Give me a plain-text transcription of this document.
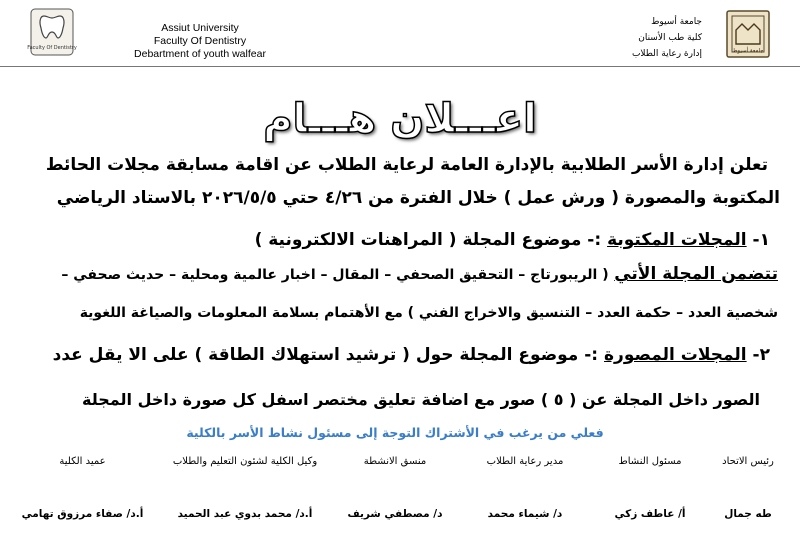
Faculty Of Dentistry
Assiut University
Faculty Of Dentistry
Debartment of youth walfear
جامعة أسيوط
كلية طب الأسنان
إدارة رعاية الطلاب	جامعة أسيوط
اعـــلان هـــام
تعلن إدارة الأسر الطلابية بالإدارة العامة لرعاية الطلاب عن اقامة مسابقة مجلات الحائط
المكتوبة والمصورة ( ورش عمل ) خلال الفترة من ٤/٢٦ حتي ٢٠٢٦/٥/٥ بالاستاد الرياضي
١- المجلات المكتوبة :- موضوع المجلة ( المراهنات الالكترونية )
تتضمن المجلة الأتي ( الريبورتاج – التحقيق الصحفي – المقال – اخبار عالمية ومحلية – حديث صحفي –
شخصية العدد – حكمة العدد – التنسيق والاخراج الفني ) مع الأهتمام بسلامة المعلومات والصياغة اللغوية
٢- المجلات المصورة :- موضوع المجلة حول ( ترشيد استهلاك الطاقة ) على الا يقل عدد
الصور داخل المجلة عن ( ٥ ) صور مع اضافة تعليق مختصر اسفل كل صورة داخل المجلة
فعلي من يرغب في الأشتراك التوجة إلى مسئول نشاط الأسر بالكلية
رئيس الاتحاد
طه جمال
مسئول النشاط
أ/ عاطف زكي
مدير رعاية الطلاب
د/ شيماء محمد
منسق الانشطة
د/ مصطفي شريف
وكيل الكلية لشئون التعليم والطلاب
أ.د/ محمد بدوي عبد الحميد
عميد الكلية
أ.د/ صفاء مرزوق تهامي
